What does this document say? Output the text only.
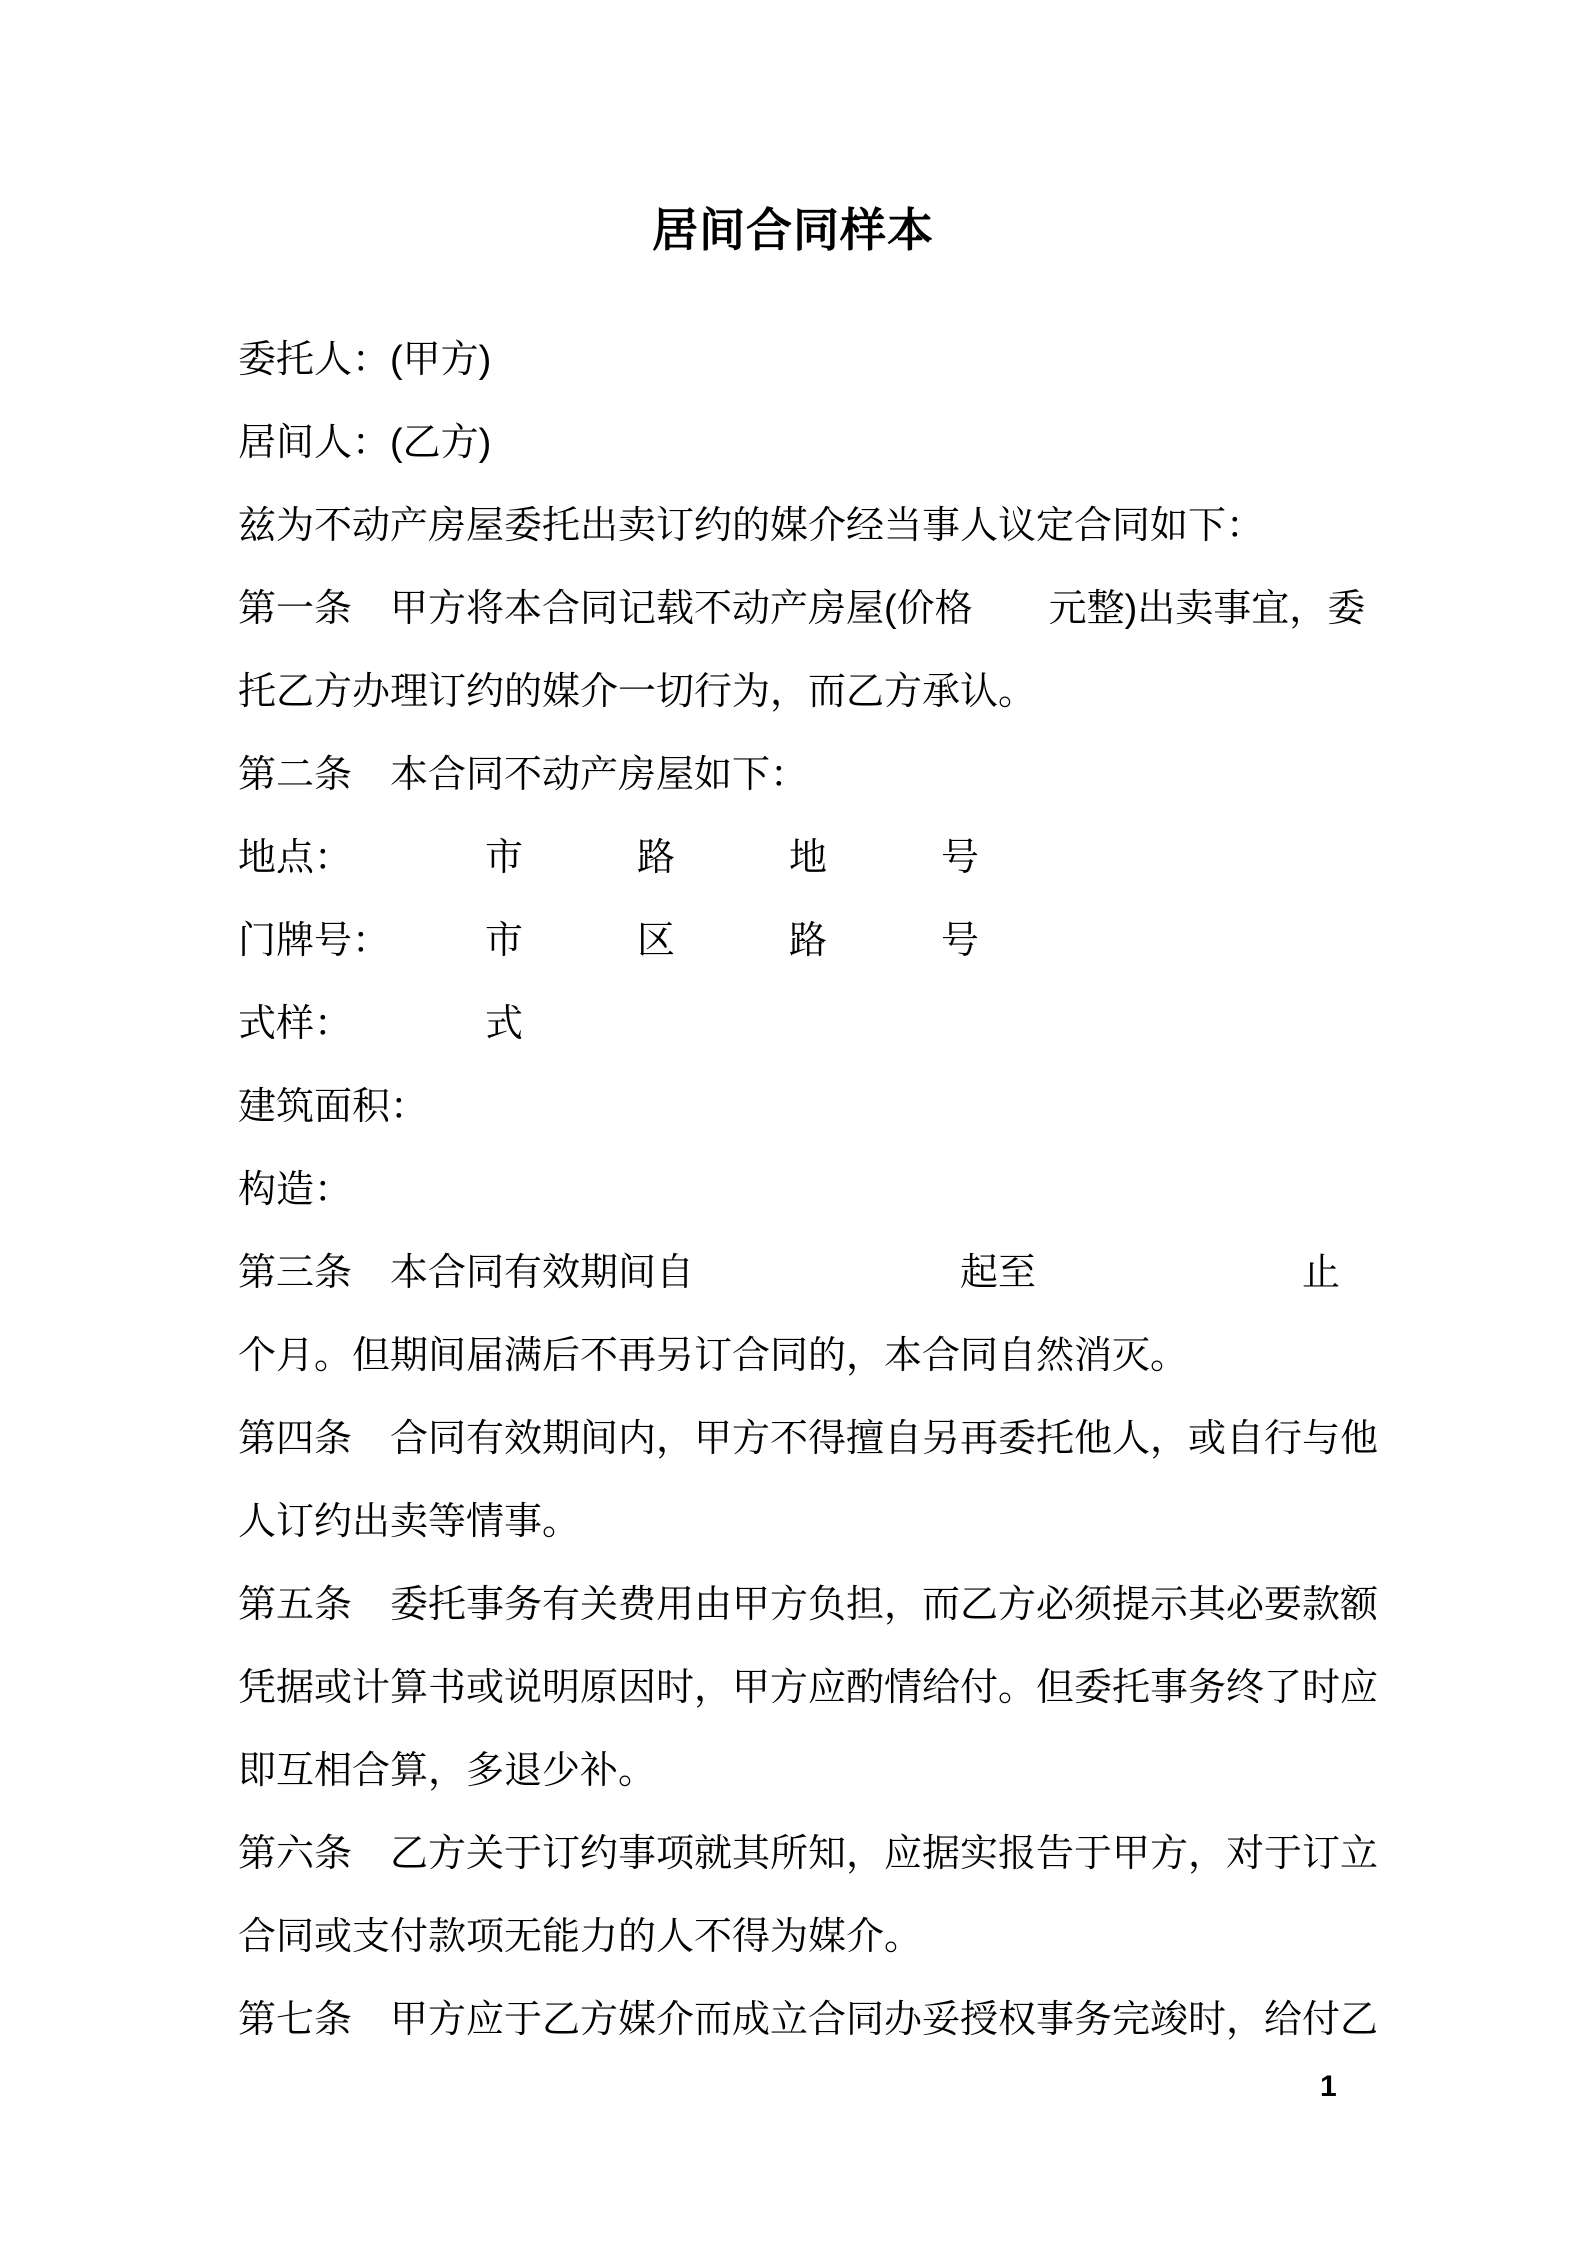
居间合同样本
委托人：(甲方)
居间人：(乙方)
兹为不动产房屋委托出卖订约的媒介经当事人议定合同如下：
第一条　甲方将本合同记载不动产房屋(价格　　元整)出卖事宜，委
托乙方办理订约的媒介一切行为，而乙方承认。
第二条　本合同不动产房屋如下：
地点：　　　　市　　　路　　　地　　　号
门牌号：　　　市　　　区　　　路　　　号
式样：　　　　式
建筑面积：
构造：
第三条　本合同有效期间自　　　　　　　起至　　　　　　　止
个月。但期间届满后不再另订合同的，本合同自然消灭。
第四条　合同有效期间内，甲方不得擅自另再委托他人，或自行与他
人订约出卖等情事。
第五条　委托事务有关费用由甲方负担，而乙方必须提示其必要款额
凭据或计算书或说明原因时，甲方应酌情给付。但委托事务终了时应
即互相合算，多退少补。
第六条　乙方关于订约事项就其所知，应据实报告于甲方，对于订立
合同或支付款项无能力的人不得为媒介。
第七条　甲方应于乙方媒介而成立合同办妥授权事务完竣时，给付乙
1
